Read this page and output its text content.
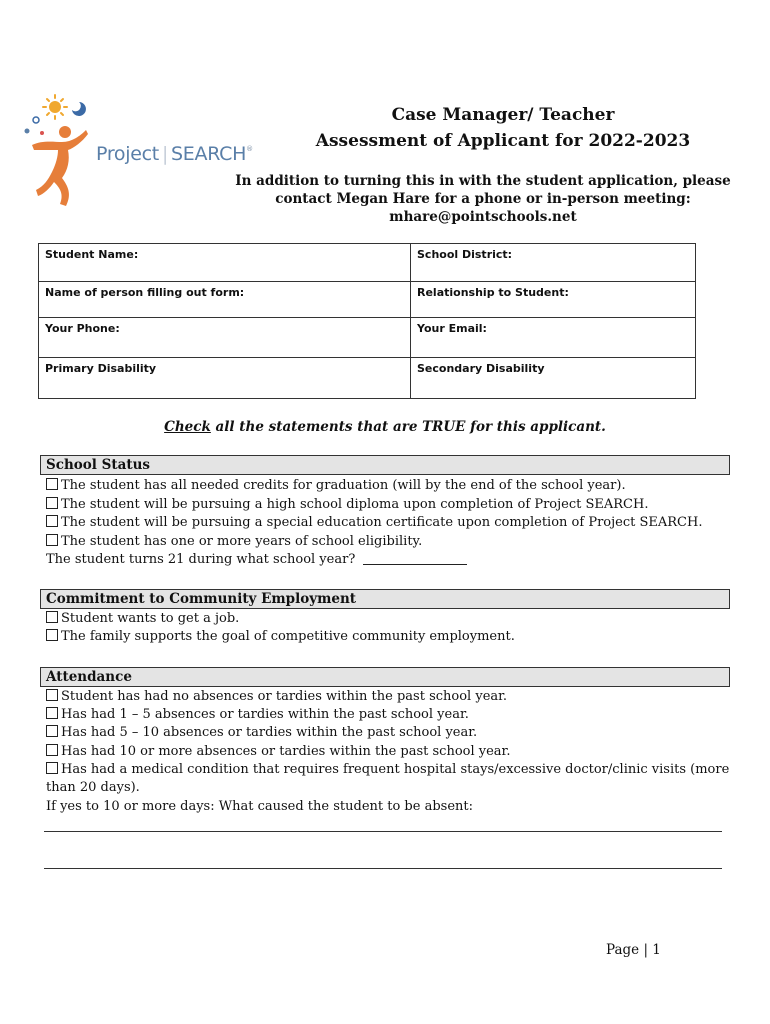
Project | SEARCH®
Case Manager/ Teacher
Assessment of Applicant for 2022-2023
In addition to turning this in with the student application, please
contact Megan Hare for a phone or in-person meeting:
mhare@pointschools.net
Student Name:	School District:
Name of person filling out form:	Relationship to Student:
Your Phone:	Your Email:
Primary Disability	Secondary Disability
Check all the statements that are TRUE for this applicant.
School Status
The student has all needed credits for graduation (will by the end of the school year).
The student will be pursuing a high school diploma upon completion of Project SEARCH.
The student will be pursuing a special education certificate upon completion of Project SEARCH.
The student has one or more years of school eligibility.
The student turns 21 during what school year?
Commitment to Community Employment
Student wants to get a job.
The family supports the goal of competitive community employment.
Attendance
Student has had no absences or tardies within the past school year.
Has had 1 – 5 absences or tardies within the past school year.
Has had 5 – 10 absences or tardies within the past school year.
Has had 10 or more absences or tardies within the past school year.
Has had a medical condition that requires frequent hospital stays/excessive doctor/clinic visits (more
than 20 days).
If yes to 10 or more days: What caused the student to be absent:
Page | 1
